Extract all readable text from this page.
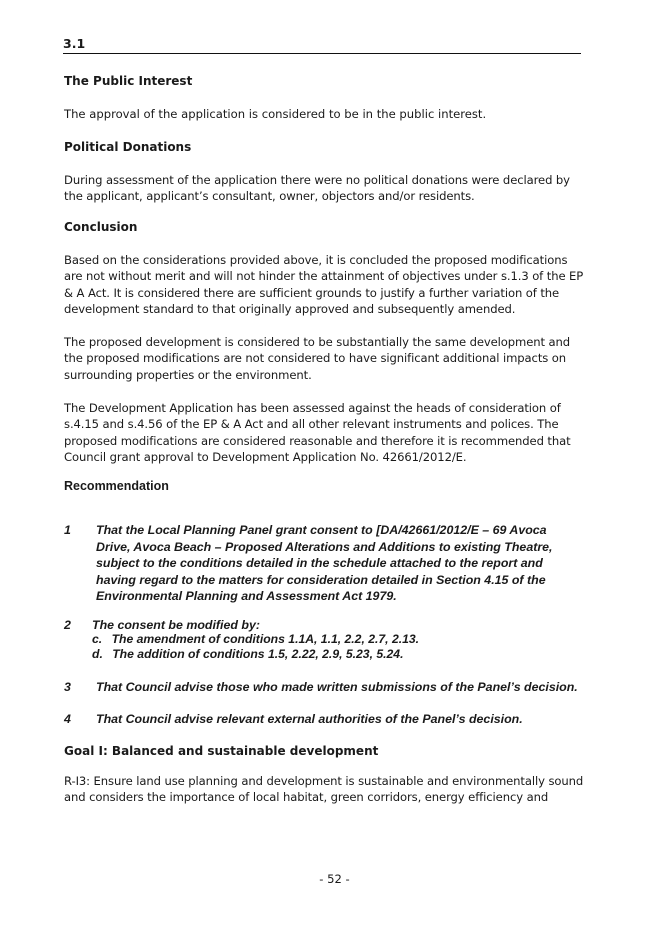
3.1
The Public Interest
The approval of the application is considered to be in the public interest.
Political Donations
During assessment of the application there were no political donations were declared by the applicant, applicant’s consultant, owner, objectors and/or residents.
Conclusion
Based on the considerations provided above, it is concluded the proposed modifications are not without merit and will not hinder the attainment of objectives under s.1.3 of the EP & A Act. It is considered there are sufficient grounds to justify a further variation of the development standard to that originally approved and subsequently amended.
The proposed development is considered to be substantially the same development and the proposed modifications are not considered to have significant additional impacts on surrounding properties or the environment.
The Development Application has been assessed against the heads of consideration of s.4.15 and s.4.56 of the EP & A Act and all other relevant instruments and polices. The proposed modifications are considered reasonable and therefore it is recommended that Council grant approval to Development Application No. 42661/2012/E.
Recommendation
1 That the Local Planning Panel grant consent to [DA/42661/2012/E – 69 Avoca Drive, Avoca Beach – Proposed Alterations and Additions to existing Theatre, subject to the conditions detailed in the schedule attached to the report and having regard to the matters for consideration detailed in Section 4.15 of the Environmental Planning and Assessment Act 1979.
2 The consent be modified by:
c. The amendment of conditions 1.1A, 1.1, 2.2, 2.7, 2.13.
d. The addition of conditions 1.5, 2.22, 2.9, 5.23, 5.24.
3 That Council advise those who made written submissions of the Panel’s decision.
4 That Council advise relevant external authorities of the Panel’s decision.
Goal I: Balanced and sustainable development
R-I3: Ensure land use planning and development is sustainable and environmentally sound and considers the importance of local habitat, green corridors, energy efficiency and
- 52 -
